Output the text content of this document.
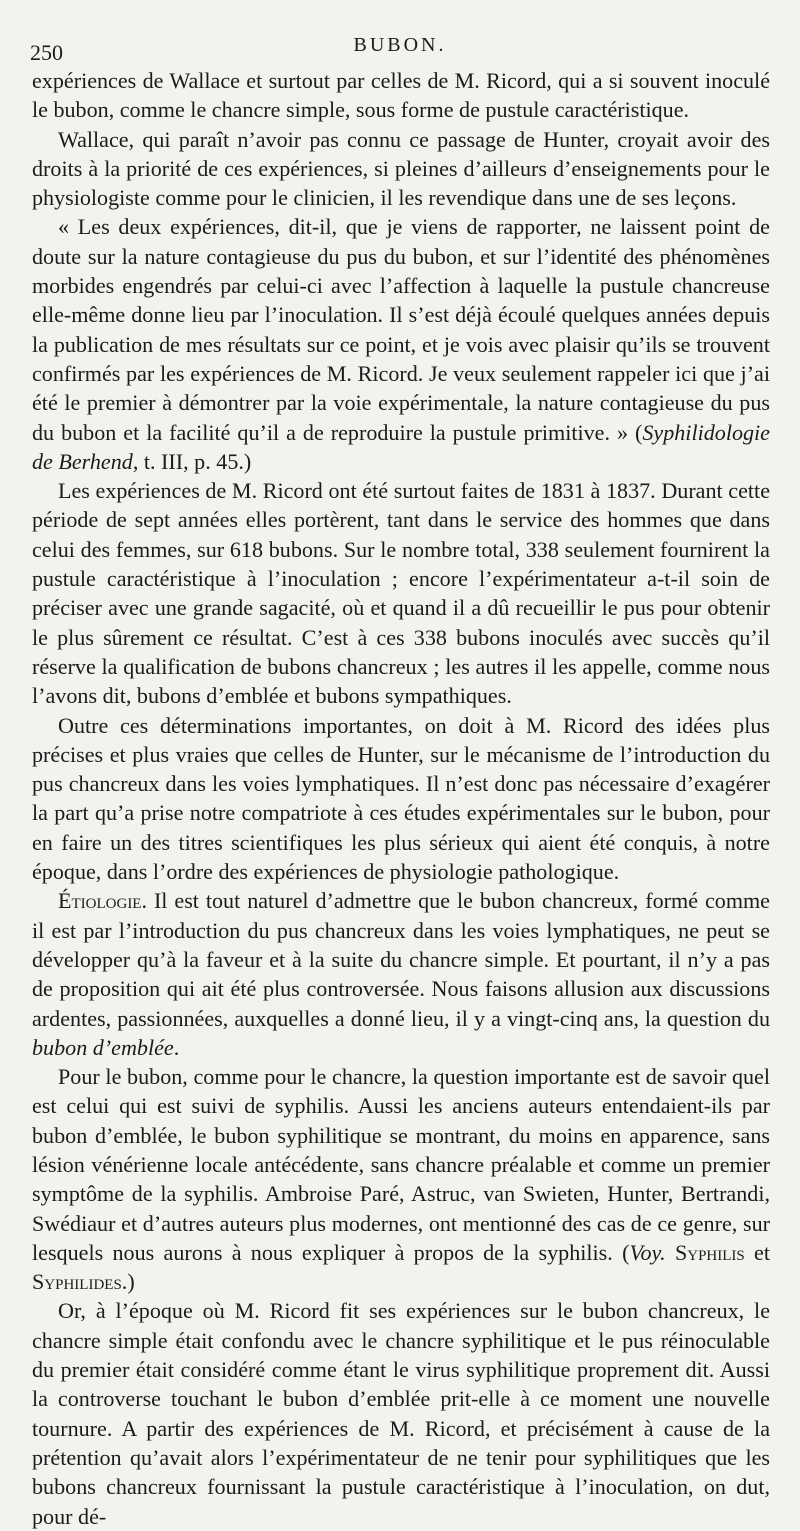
250	BUBON.

expériences de Wallace et surtout par celles de M. Ricord, qui a si souvent inoculé le bubon, comme le chancre simple, sous forme de pustule caractéristique.

Wallace, qui paraît n’avoir pas connu ce passage de Hunter, croyait avoir des droits à la priorité de ces expériences, si pleines d’ailleurs d’enseignements pour le physiologiste comme pour le clinicien, il les revendique dans une de ses leçons.

« Les deux expériences, dit-il, que je viens de rapporter, ne laissent point de doute sur la nature contagieuse du pus du bubon, et sur l’identité des phénomènes morbides engendrés par celui-ci avec l’affection à laquelle la pustule chancreuse elle-même donne lieu par l’inoculation. Il s’est déjà écoulé quelques années depuis la publication de mes résultats sur ce point, et je vois avec plaisir qu’ils se trouvent confirmés par les expériences de M. Ricord. Je veux seulement rappeler ici que j’ai été le premier à démontrer par la voie expérimentale, la nature contagieuse du pus du bubon et la facilité qu’il a de reproduire la pustule primitive. » (Syphilidologie de Berhend, t. III, p. 45.)

Les expériences de M. Ricord ont été surtout faites de 1831 à 1837. Durant cette période de sept années elles portèrent, tant dans le service des hommes que dans celui des femmes, sur 618 bubons. Sur le nombre total, 338 seulement fournirent la pustule caractéristique à l’inoculation ; encore l’expérimentateur a-t-il soin de préciser avec une grande sagacité, où et quand il a dû recueillir le pus pour obtenir le plus sûrement ce résultat. C’est à ces 338 bubons inoculés avec succès qu’il réserve la qualification de bubons chancreux ; les autres il les appelle, comme nous l’avons dit, bubons d’emblée et bubons sympathiques.

Outre ces déterminations importantes, on doit à M. Ricord des idées plus précises et plus vraies que celles de Hunter, sur le mécanisme de l’introduction du pus chancreux dans les voies lymphatiques. Il n’est donc pas nécessaire d’exagérer la part qu’a prise notre compatriote à ces études expérimentales sur le bubon, pour en faire un des titres scientifiques les plus sérieux qui aient été conquis, à notre époque, dans l’ordre des expériences de physiologie pathologique.

Étiologie. Il est tout naturel d’admettre que le bubon chancreux, formé comme il est par l’introduction du pus chancreux dans les voies lymphatiques, ne peut se développer qu’à la faveur et à la suite du chancre simple. Et pourtant, il n’y a pas de proposition qui ait été plus controversée. Nous faisons allusion aux discussions ardentes, passionnées, auxquelles a donné lieu, il y a vingt-cinq ans, la question du bubon d’emblée.

Pour le bubon, comme pour le chancre, la question importante est de savoir quel est celui qui est suivi de syphilis. Aussi les anciens auteurs entendaient-ils par bubon d’emblée, le bubon syphilitique se montrant, du moins en apparence, sans lésion vénérienne locale antécédente, sans chancre préalable et comme un premier symptôme de la syphilis. Ambroise Paré, Astruc, van Swieten, Hunter, Bertrandi, Swédiaur et d’autres auteurs plus modernes, ont mentionné des cas de ce genre, sur lesquels nous aurons à nous expliquer à propos de la syphilis. (Voy. Syphilis et Syphilides.)

Or, à l’époque où M. Ricord fit ses expériences sur le bubon chancreux, le chancre simple était confondu avec le chancre syphilitique et le pus réinoculable du premier était considéré comme étant le virus syphilitique proprement dit. Aussi la controverse touchant le bubon d’emblée prit-elle à ce moment une nouvelle tournure. A partir des expériences de M. Ricord, et précisément à cause de la prétention qu’avait alors l’expérimentateur de ne tenir pour syphilitiques que les bubons chancreux fournissant la pustule caractéristique à l’inoculation, on dut, pour dé-
